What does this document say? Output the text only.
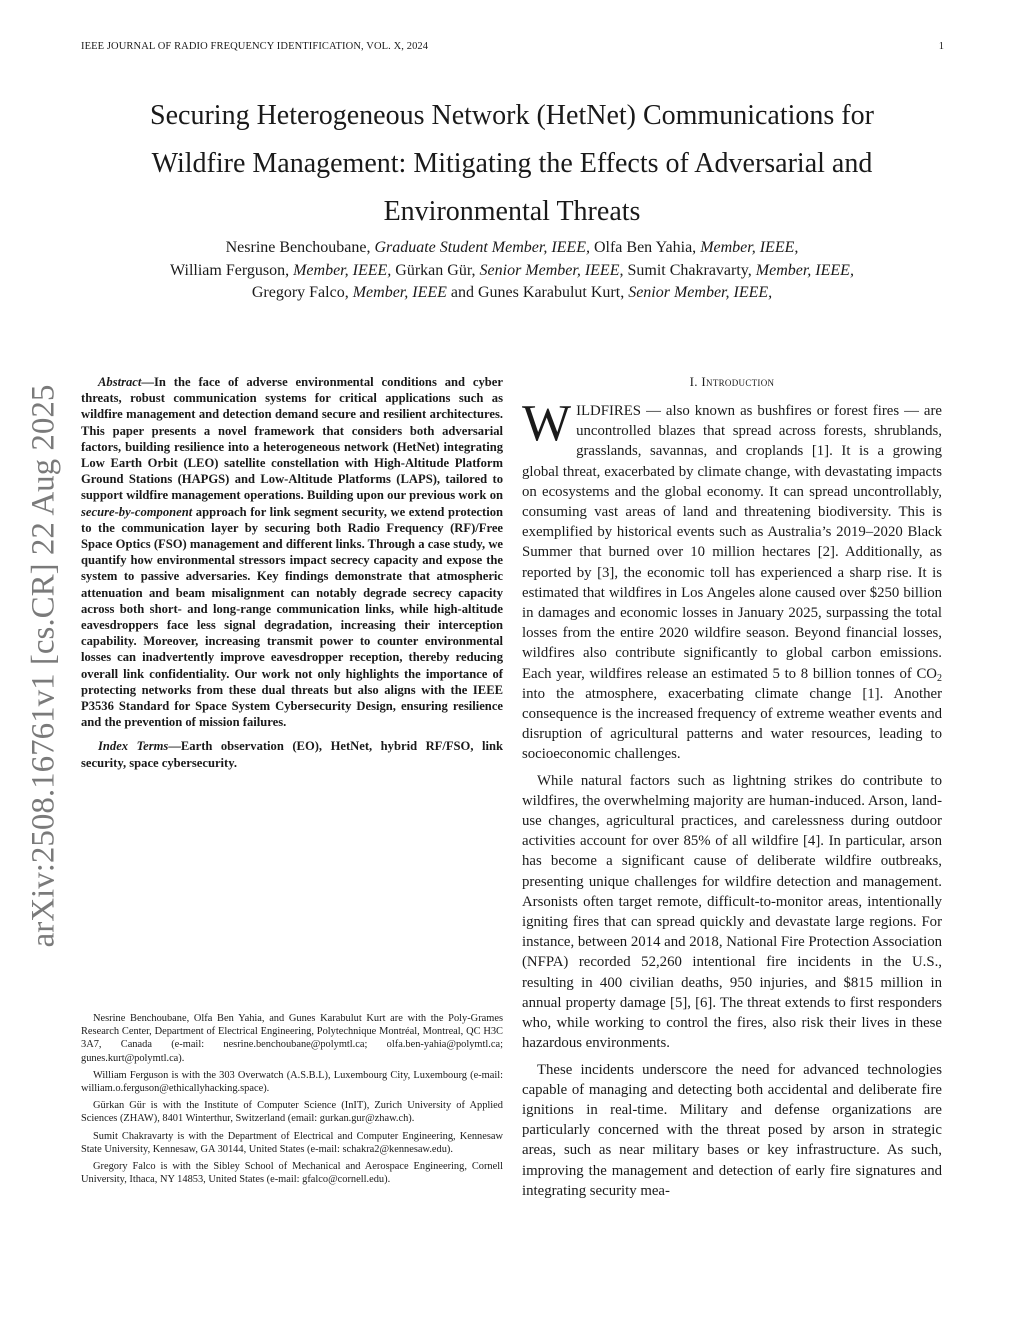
IEEE JOURNAL OF RADIO FREQUENCY IDENTIFICATION, VOL. X, 2024	1
Securing Heterogeneous Network (HetNet) Communications for
Wildfire Management: Mitigating the Effects of Adversarial and
Environmental Threats
Nesrine Benchoubane, Graduate Student Member, IEEE, Olfa Ben Yahia, Member, IEEE,
William Ferguson, Member, IEEE, Gürkan Gür, Senior Member, IEEE, Sumit Chakravarty, Member, IEEE,
Gregory Falco, Member, IEEE and Gunes Karabulut Kurt, Senior Member, IEEE,
arXiv:2508.16761v1 [cs.CR] 22 Aug 2025

Abstract—In the face of adverse environmental conditions and cyber threats, robust communication systems for critical applications such as wildfire management and detection demand secure and resilient architectures. This paper presents a novel framework that considers both adversarial factors, building resilience into a heterogeneous network (HetNet) integrating Low Earth Orbit (LEO) satellite constellation with High-Altitude Platform Ground Stations (HAPGS) and Low-Altitude Platforms (LAPS), tailored to support wildfire management operations. Building upon our previous work on secure-by-component approach for link segment security, we extend protection to the communication layer by securing both Radio Frequency (RF)/Free Space Optics (FSO) management and different links. Through a case study, we quantify how environmental stressors impact secrecy capacity and expose the system to passive adversaries. Key findings demonstrate that atmospheric attenuation and beam misalignment can notably degrade secrecy capacity across both short- and long-range communication links, while high-altitude eavesdroppers face less signal degradation, increasing their interception capability. Moreover, increasing transmit power to counter environmental losses can inadvertently improve eavesdropper reception, thereby reducing overall link confidentiality. Our work not only highlights the importance of protecting networks from these dual threats but also aligns with the IEEE P3536 Standard for Space System Cybersecurity Design, ensuring resilience and the prevention of mission failures.

Index Terms—Earth observation (EO), HetNet, hybrid RF/FSO, link security, space cybersecurity.

Nesrine Benchoubane, Olfa Ben Yahia, and Gunes Karabulut Kurt are with the Poly-Grames Research Center, Department of Electrical Engineering, Polytechnique Montréal, Montreal, QC H3C 3A7, Canada (e-mail: nesrine.benchoubane@polymtl.ca; olfa.ben-yahia@polymtl.ca; gunes.kurt@polymtl.ca).

William Ferguson is with the 303 Overwatch (A.S.B.L), Luxembourg City, Luxembourg (e-mail: william.o.ferguson@ethicallyhacking.space).

Gürkan Gür is with the Institute of Computer Science (InIT), Zurich University of Applied Sciences (ZHAW), 8401 Winterthur, Switzerland (email: gurkan.gur@zhaw.ch).

Sumit Chakravarty is with the Department of Electrical and Computer Engineering, Kennesaw State University, Kennesaw, GA 30144, United States (e-mail: schakra2@kennesaw.edu).

Gregory Falco is with the Sibley School of Mechanical and Aerospace Engineering, Cornell University, Ithaca, NY 14853, United States (e-mail: gfalco@cornell.edu).

I. Introduction

WILDFIRES — also known as bushfires or forest fires — are uncontrolled blazes that spread across forests, shrublands, grasslands, savannas, and croplands [1]. It is a growing global threat, exacerbated by climate change, with devastating impacts on ecosystems and the global economy. It can spread uncontrollably, consuming vast areas of land and threatening biodiversity. This is exemplified by historical events such as Australia’s 2019–2020 Black Summer that burned over 10 million hectares [2]. Additionally, as reported by [3], the economic toll has experienced a sharp rise. It is estimated that wildfires in Los Angeles alone caused over $250 billion in damages and economic losses in January 2025, surpassing the total losses from the entire 2020 wildfire season. Beyond financial losses, wildfires also contribute significantly to global carbon emissions. Each year, wildfires release an estimated 5 to 8 billion tonnes of $CO_2$ into the atmosphere, exacerbating climate change [1]. Another consequence is the increased frequency of extreme weather events and disruption of agricultural patterns and water resources, leading to socioeconomic challenges.

While natural factors such as lightning strikes do contribute to wildfires, the overwhelming majority are human-induced. Arson, land-use changes, agricultural practices, and carelessness during outdoor activities account for over 85% of all wildfire [4]. In particular, arson has become a significant cause of deliberate wildfire outbreaks, presenting unique challenges for wildfire detection and management. Arsonists often target remote, difficult-to-monitor areas, intentionally igniting fires that can spread quickly and devastate large regions. For instance, between 2014 and 2018, National Fire Protection Association (NFPA) recorded 52,260 intentional fire incidents in the U.S., resulting in 400 civilian deaths, 950 injuries, and $815 million in annual property damage [5], [6]. The threat extends to first responders who, while working to control the fires, also risk their lives in these hazardous environments.

These incidents underscore the need for advanced technologies capable of managing and detecting both accidental and deliberate fire ignitions in real-time. Military and defense organizations are particularly concerned with the threat posed by arson in strategic areas, such as near military bases or key infrastructure. As such, improving the management and detection of early fire signatures and integrating security mea-
